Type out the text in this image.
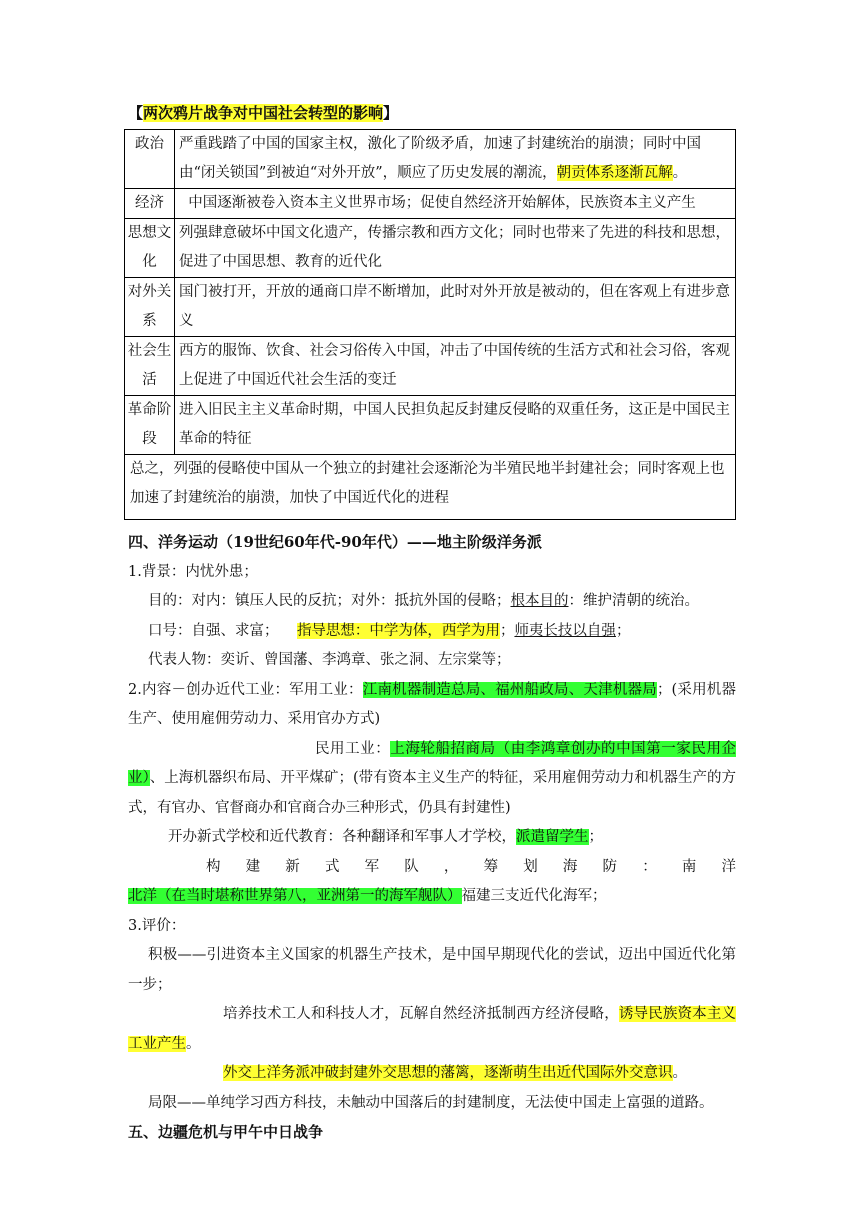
【两次鸦片战争对中国社会转型的影响】
政治	严重践踏了中国的国家主权，激化了阶级矛盾，加速了封建统治的崩溃；同时中国由“闭关锁国”到被迫“对外开放”，顺应了历史发展的潮流，朝贡体系逐渐瓦解。
经济	中国逐渐被卷入资本主义世界市场；促使自然经济开始解体，民族资本主义产生
思想文化	列强肆意破坏中国文化遗产，传播宗教和西方文化；同时也带来了先进的科技和思想，促进了中国思想、教育的近代化
对外关系	国门被打开，开放的通商口岸不断增加，此时对外开放是被动的，但在客观上有进步意义
社会生活	西方的服饰、饮食、社会习俗传入中国，冲击了中国传统的生活方式和社会习俗，客观上促进了中国近代社会生活的变迁
革命阶段	进入旧民主主义革命时期，中国人民担负起反封建反侵略的双重任务，这正是中国民主革命的特征
总之，列强的侵略使中国从一个独立的封建社会逐渐沦为半殖民地半封建社会；同时客观上也加速了封建统治的崩溃，加快了中国近代化的进程	

四、洋务运动（19世纪60年代-90年代）——地主阶级洋务派

1.背景：内忧外患；

目的：对内：镇压人民的反抗；对外：抵抗外国的侵略；根本目的：维护清朝的统治。

口号：自强、求富； 指导思想：中学为体，西学为用；师夷长技以自强；

代表人物：奕䜣、曾国藩、李鸿章、张之洞、左宗棠等；

2.内容－创办近代工业：军用工业：江南机器制造总局、福州船政局、天津机器局；(采用机器生产、使用雇佣劳动力、采用官办方式)

民用工业：上海轮船招商局（由李鸿章创办的中国第一家民用企业）、上海机器织布局、开平煤矿；(带有资本主义生产的特征，采用雇佣劳动力和机器生产的方式，有官办、官督商办和官商合办三种形式，仍具有封建性)

开办新式学校和近代教育：各种翻译和军事人才学校，派遣留学生；

构建新式军队，筹划海防：南洋北洋（在当时堪称世界第八，亚洲第一的海军舰队）福建三支近代化海军；

3.评价：

积极——引进资本主义国家的机器生产技术，是中国早期现代化的尝试，迈出中国近代化第一步；

培养技术工人和科技人才，瓦解自然经济抵制西方经济侵略，诱导民族资本主义工业产生。

外交上洋务派冲破封建外交思想的藩篱，逐渐萌生出近代国际外交意识。

局限——单纯学习西方科技，未触动中国落后的封建制度，无法使中国走上富强的道路。

五、边疆危机与甲午中日战争
